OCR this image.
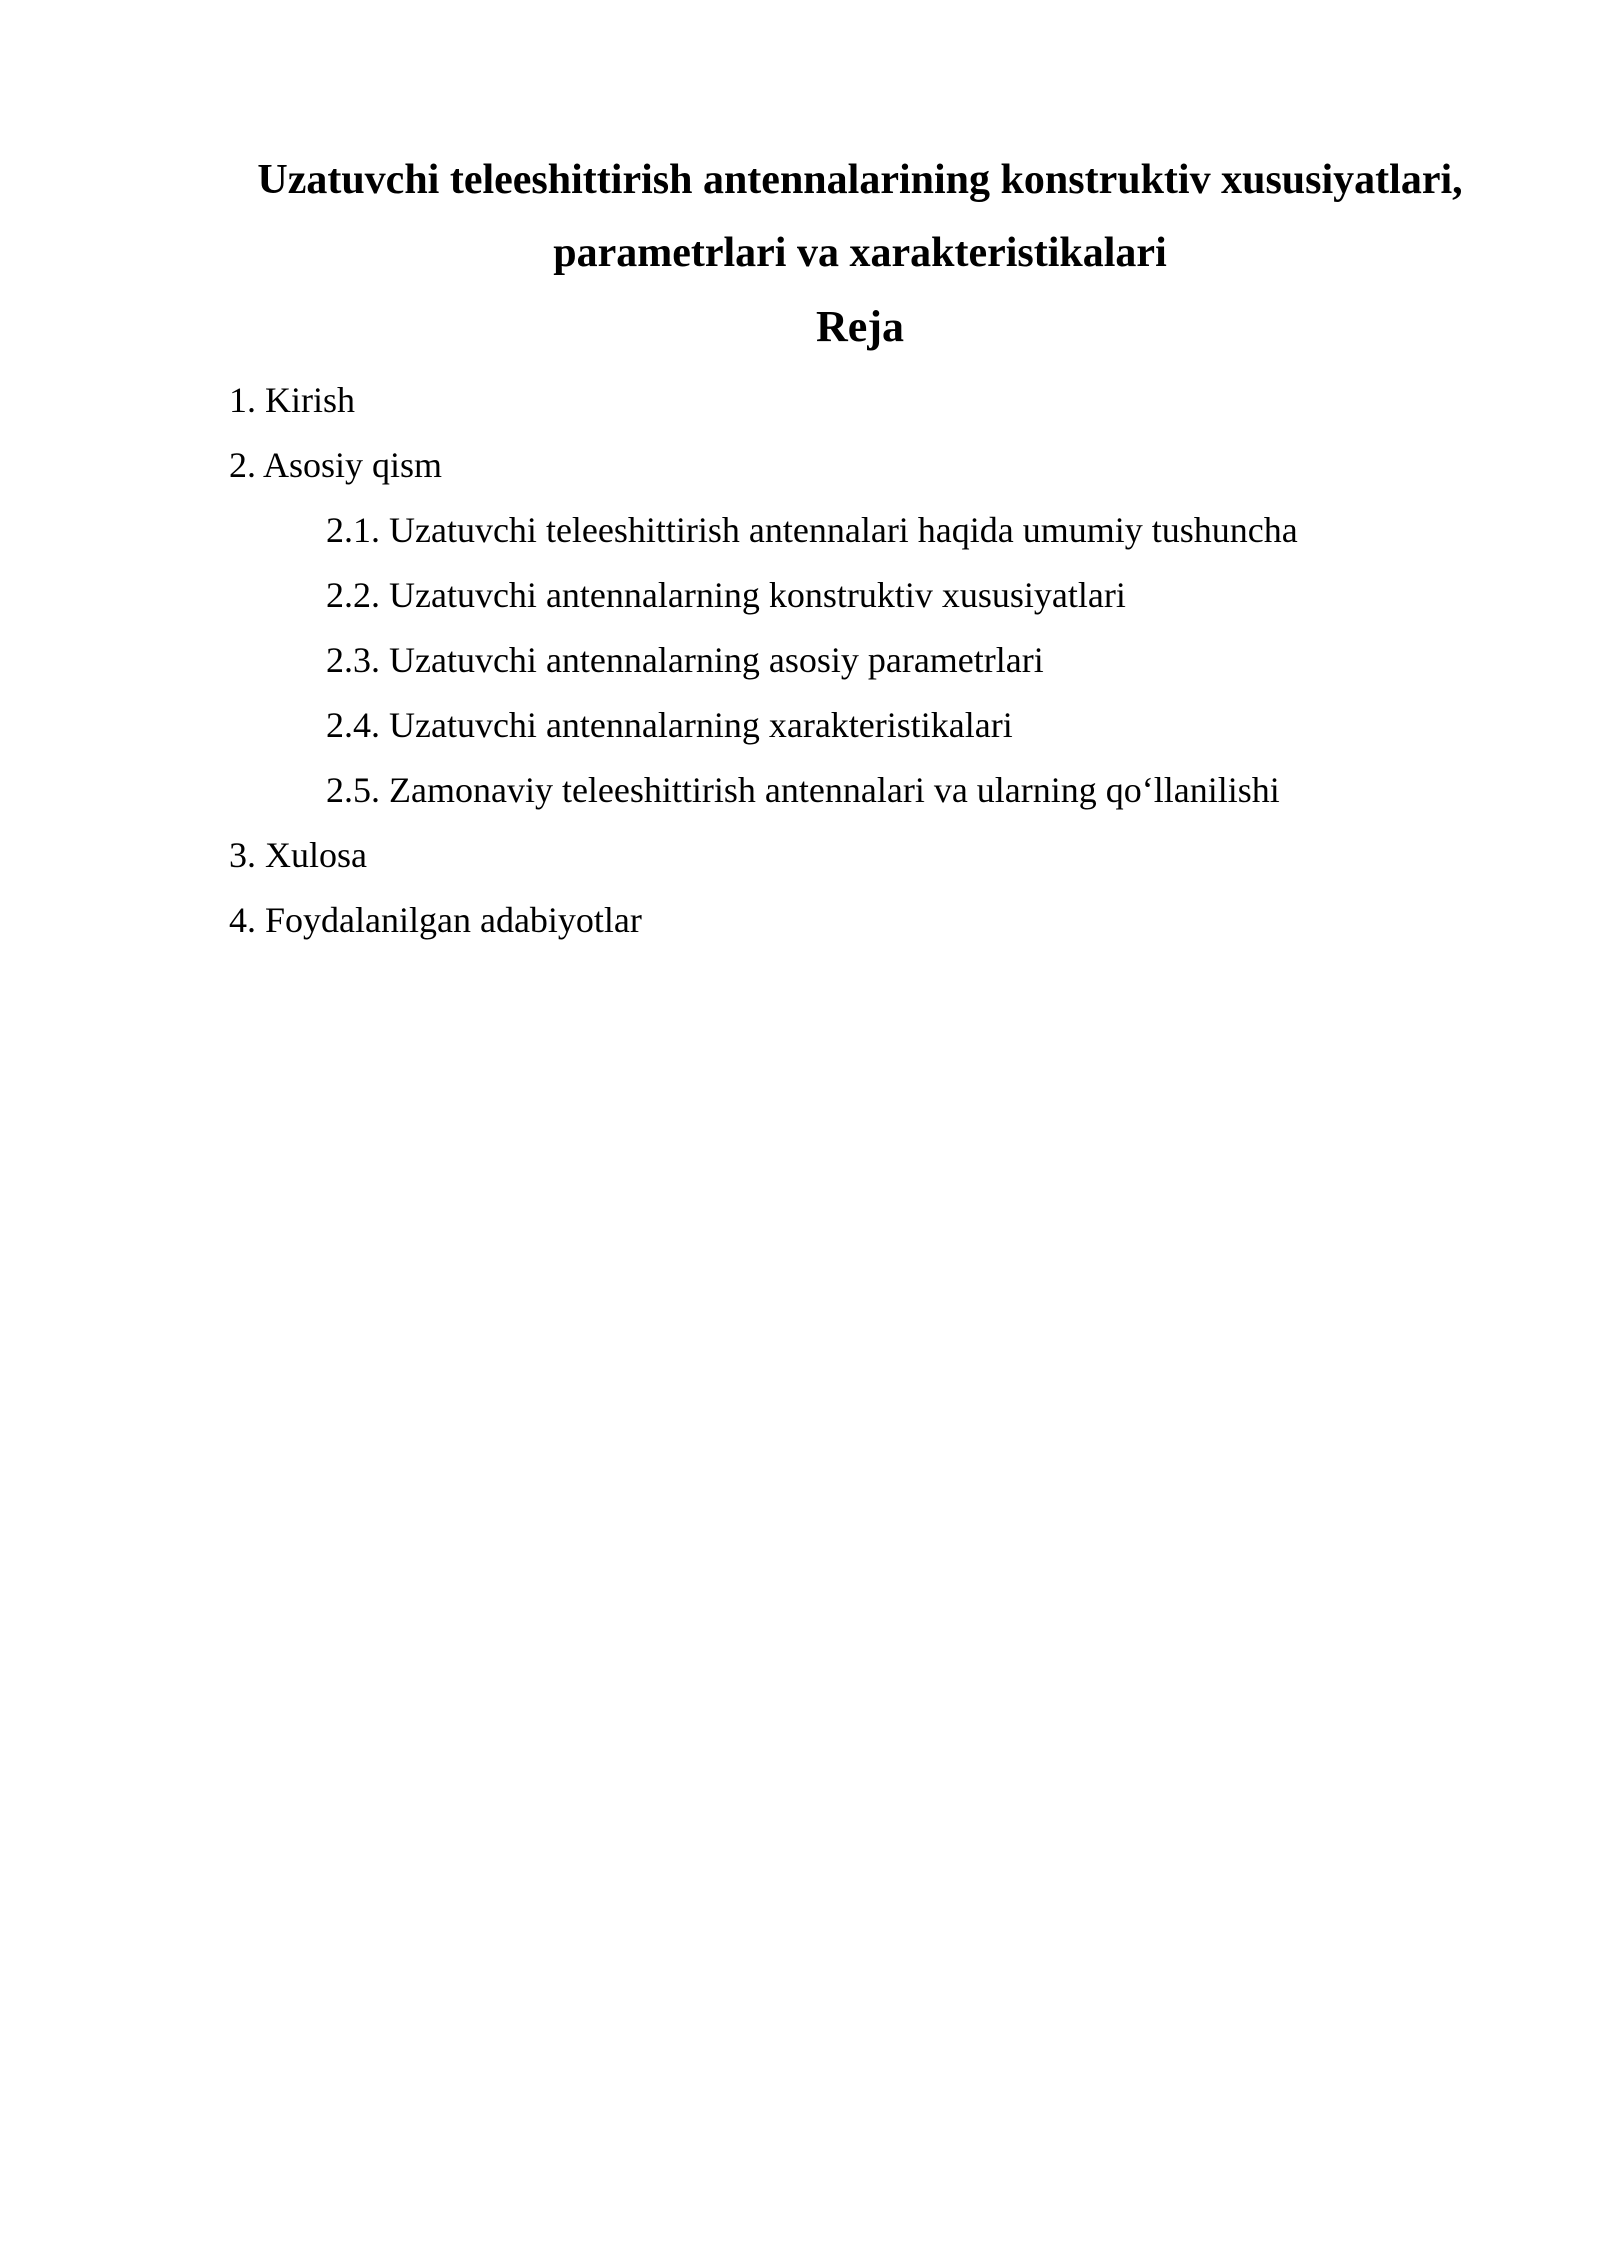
Uzatuvchi teleeshittirish antennalarining konstruktiv xususiyatlari,
parametrlari va xarakteristikalari
Reja
1. Kirish
2. Asosiy qism
2.1. Uzatuvchi teleeshittirish antennalari haqida umumiy tushuncha
2.2. Uzatuvchi antennalarning konstruktiv xususiyatlari
2.3. Uzatuvchi antennalarning asosiy parametrlari
2.4. Uzatuvchi antennalarning xarakteristikalari
2.5. Zamonaviy teleeshittirish antennalari va ularning qo‘llanilishi
3. Xulosa
4. Foydalanilgan adabiyotlar
